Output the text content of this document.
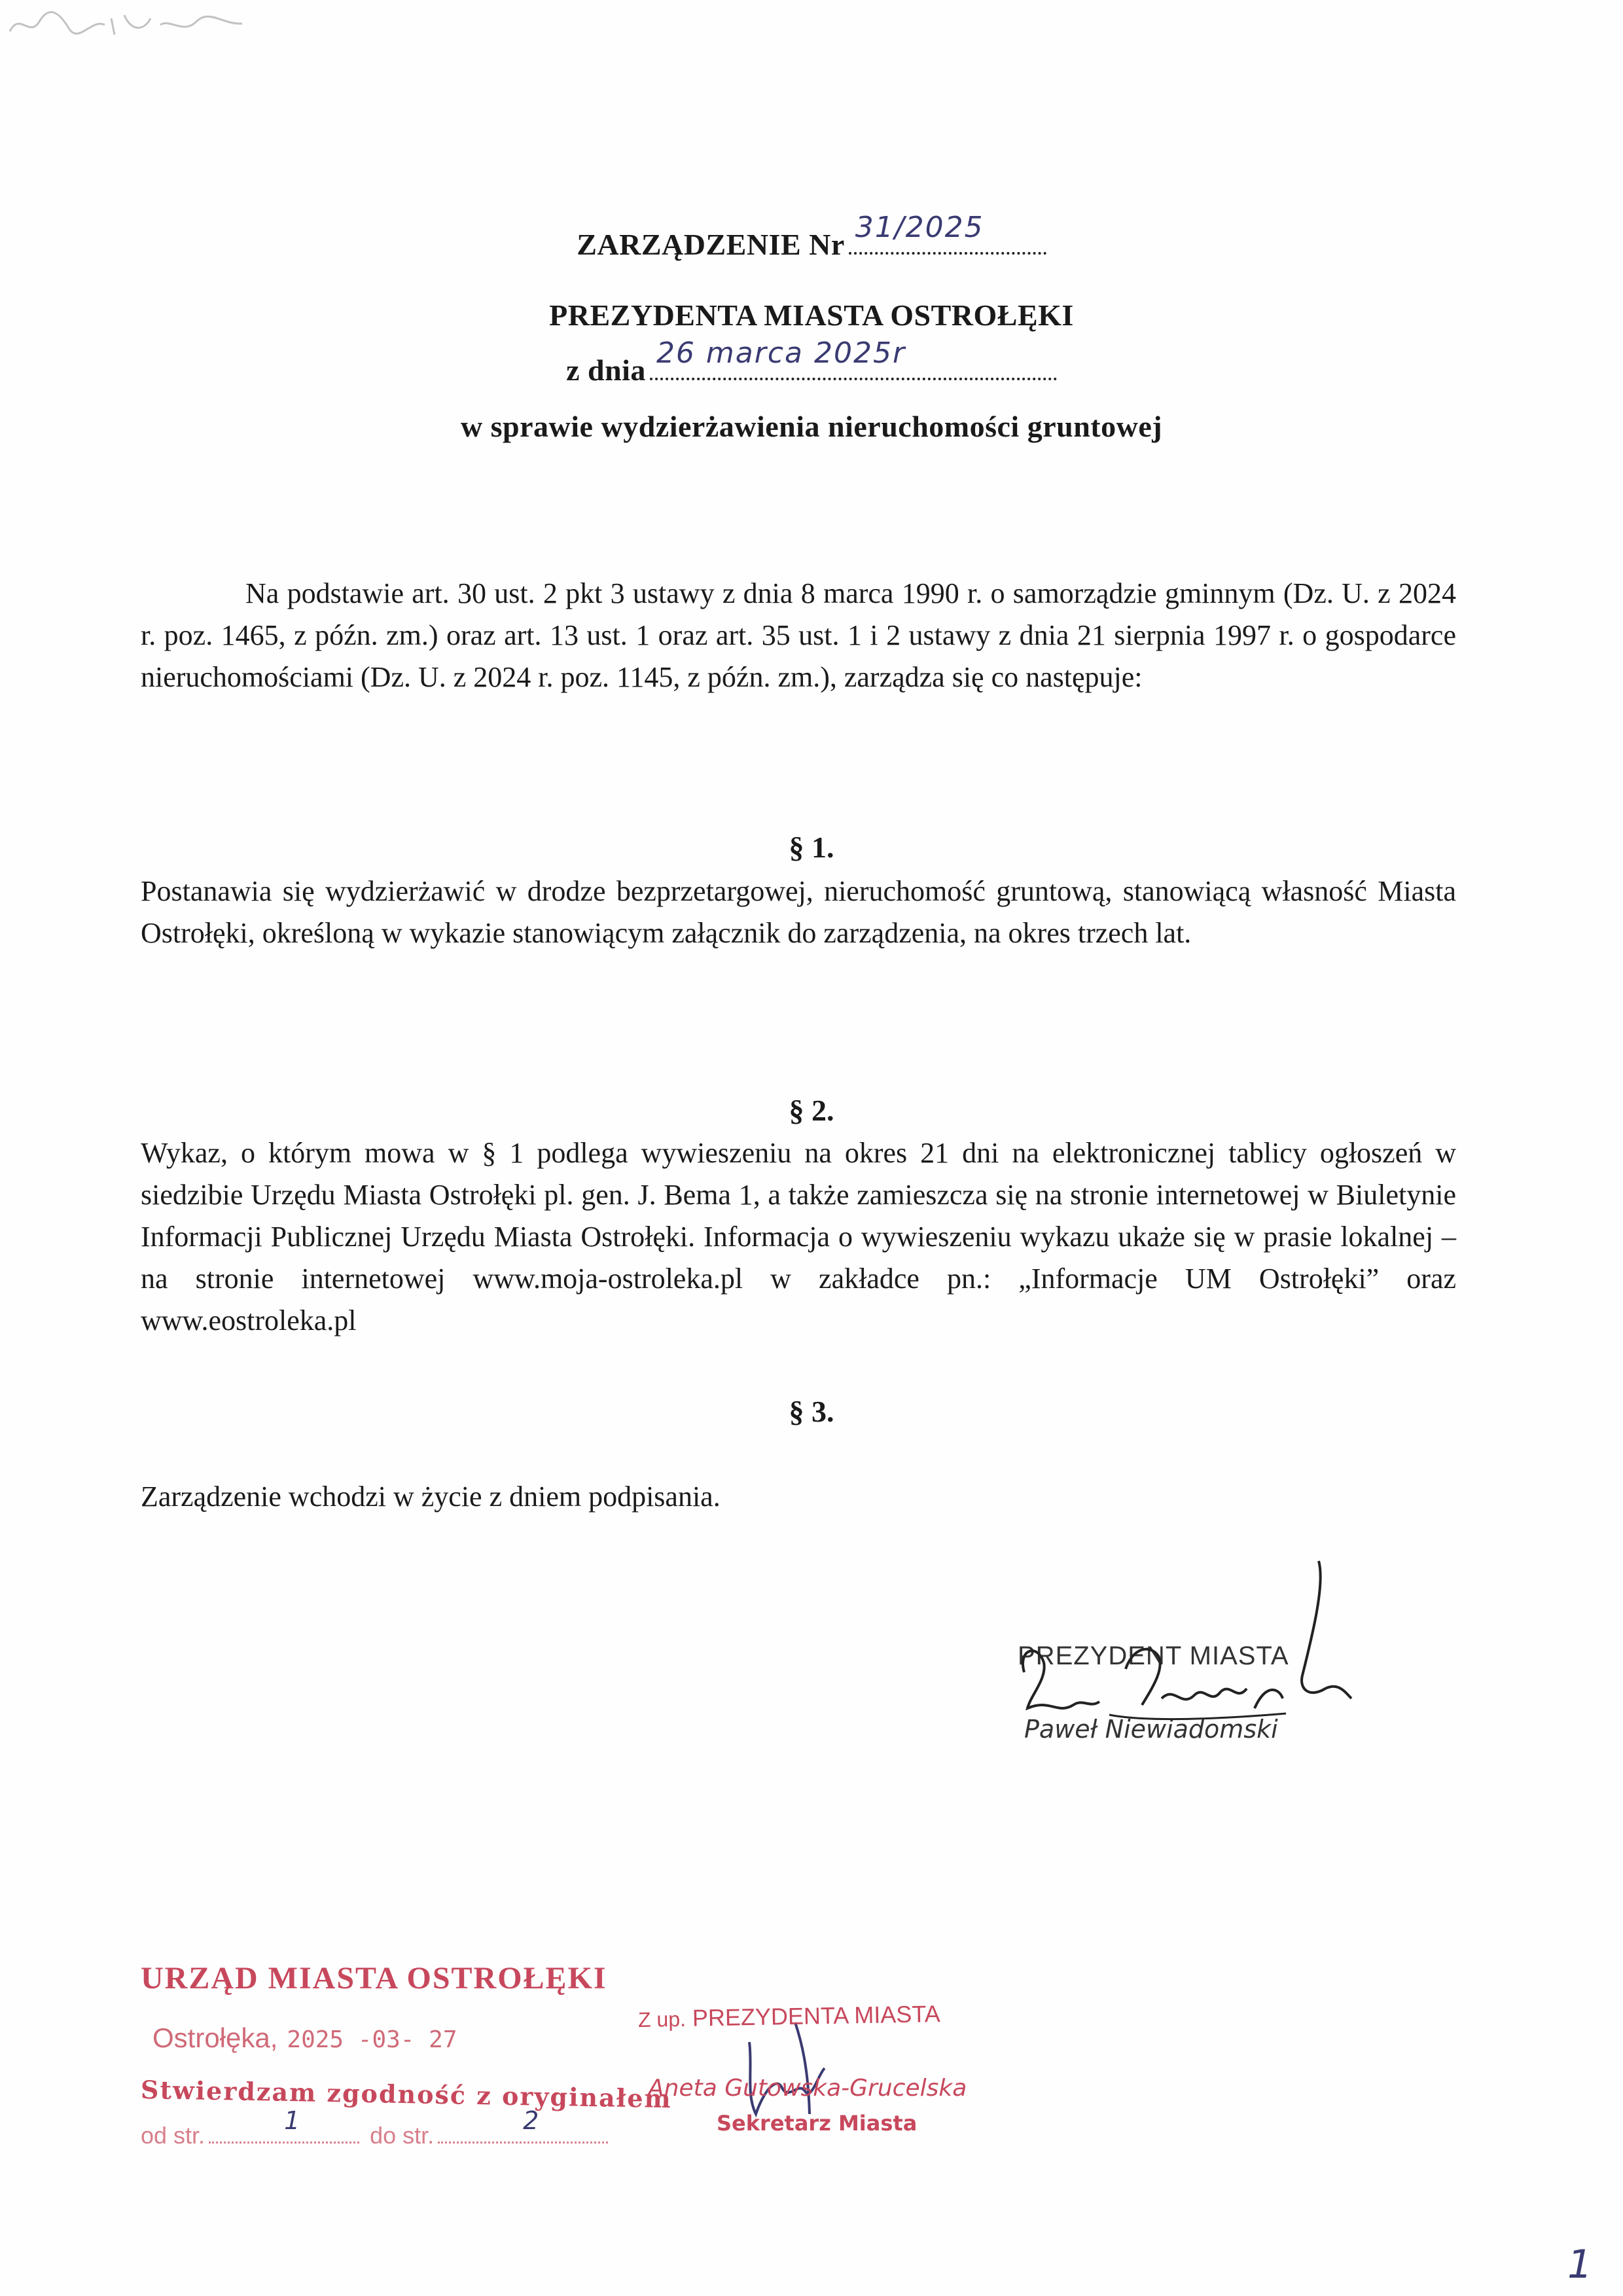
ZARZĄDZENIE Nr
31/2025
PREZYDENTA MIASTA OSTROŁĘKI
z dnia
26 marca 2025r
w sprawie wydzierżawienia nieruchomości gruntowej
Na podstawie art. 30 ust. 2 pkt 3 ustawy z dnia 8 marca 1990 r. o samorządzie gminnym (Dz. U. z 2024 r. poz. 1465, z późn. zm.) oraz art. 13 ust. 1 oraz art. 35 ust. 1 i 2 ustawy z dnia 21 sierpnia 1997 r. o gospodarce nieruchomościami (Dz. U. z 2024 r. poz. 1145, z późn. zm.), zarządza się co następuje:
§ 1.
Postanawia się wydzierżawić w drodze bezprzetargowej, nieruchomość gruntową, stanowiącą własność Miasta Ostrołęki, określoną w wykazie stanowiącym załącznik do zarządzenia, na okres trzech lat.
§ 2.
Wykaz, o którym mowa w § 1 podlega wywieszeniu na okres 21 dni na elektronicznej tablicy ogłoszeń w siedzibie Urzędu Miasta Ostrołęki pl. gen. J. Bema 1, a także zamieszcza się na stronie internetowej w Biuletynie Informacji Publicznej Urzędu Miasta Ostrołęki. Informacja o wywieszeniu wykazu ukaże się w prasie lokalnej – na stronie internetowej www.moja-ostroleka.pl w zakładce pn.: „Informacje UM Ostrołęki” oraz www.eostroleka.pl
§ 3.
Zarządzenie wchodzi w życie z dniem podpisania.
PREZYDENT MIASTA
Paweł Niewiadomski
URZĄD MIASTA OSTROŁĘKI
Ostrołęka, 2025 -03- 27
Stwierdzam zgodność z oryginałem
od str.
1
do str.
2
Z up. PREZYDENTA MIASTA
Aneta Gutowska-Grucelska
Sekretarz Miasta
1
